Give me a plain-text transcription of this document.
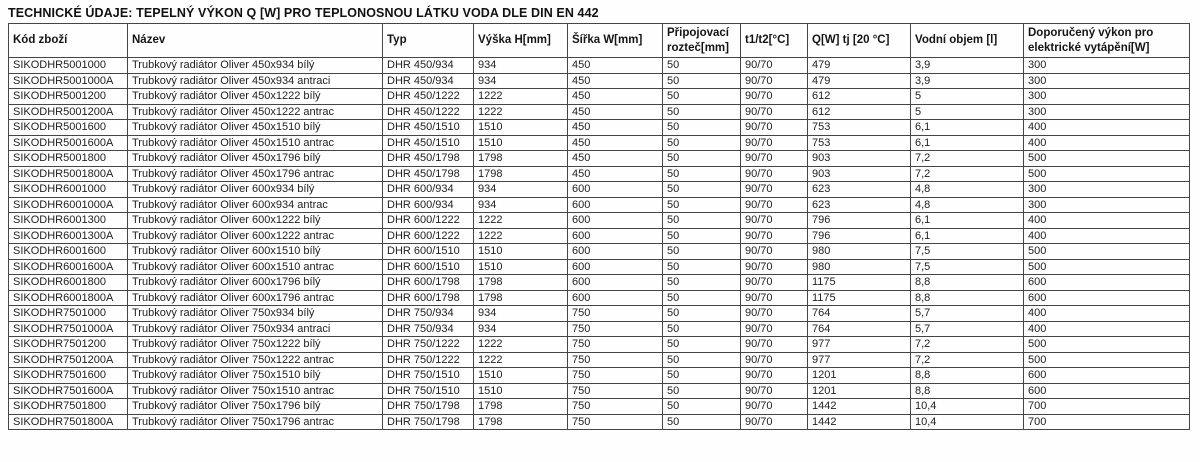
TECHNICKÉ ÚDAJE: TEPELNÝ VÝKON Q [W] PRO TEPLONOSNOU LÁTKU VODA DLE DIN EN 442
Kód zboží	Název	Typ	Výška H[mm]	Šířka W[mm]	Připojovací rozteč[mm]	t1/t2[°C]	Q[W] tj [20 °C]	Vodní objem [l]	Doporučený výkon pro elektrické vytápění[W]
SIKODHR5001000	Trubkový radiátor Oliver 450x934 bílý	DHR 450/934	934	450	50	90/70	479	3,9	300
SIKODHR5001000A	Trubkový radiátor Oliver 450x934 antraci	DHR 450/934	934	450	50	90/70	479	3,9	300
SIKODHR5001200	Trubkový radiátor Oliver 450x1222 bílý	DHR 450/1222	1222	450	50	90/70	612	5	300
SIKODHR5001200A	Trubkový radiátor Oliver 450x1222 antrac	DHR 450/1222	1222	450	50	90/70	612	5	300
SIKODHR5001600	Trubkový radiátor Oliver 450x1510 bílý	DHR 450/1510	1510	450	50	90/70	753	6,1	400
SIKODHR5001600A	Trubkový radiátor Oliver 450x1510 antrac	DHR 450/1510	1510	450	50	90/70	753	6,1	400
SIKODHR5001800	Trubkový radiátor Oliver 450x1796 bílý	DHR 450/1798	1798	450	50	90/70	903	7,2	500
SIKODHR5001800A	Trubkový radiátor Oliver 450x1796 antrac	DHR 450/1798	1798	450	50	90/70	903	7,2	500
SIKODHR6001000	Trubkový radiátor Oliver 600x934 bílý	DHR 600/934	934	600	50	90/70	623	4,8	300
SIKODHR6001000A	Trubkový radiátor Oliver 600x934 antrac	DHR 600/934	934	600	50	90/70	623	4,8	300
SIKODHR6001300	Trubkový radiátor Oliver 600x1222 bílý	DHR 600/1222	1222	600	50	90/70	796	6,1	400
SIKODHR6001300A	Trubkový radiátor Oliver 600x1222 antrac	DHR 600/1222	1222	600	50	90/70	796	6,1	400
SIKODHR6001600	Trubkový radiátor Oliver 600x1510 bílý	DHR 600/1510	1510	600	50	90/70	980	7,5	500
SIKODHR6001600A	Trubkový radiátor Oliver 600x1510 antrac	DHR 600/1510	1510	600	50	90/70	980	7,5	500
SIKODHR6001800	Trubkový radiátor Oliver 600x1796 bílý	DHR 600/1798	1798	600	50	90/70	1175	8,8	600
SIKODHR6001800A	Trubkový radiátor Oliver 600x1796 antrac	DHR 600/1798	1798	600	50	90/70	1175	8,8	600
SIKODHR7501000	Trubkový radiátor Oliver 750x934 bílý	DHR 750/934	934	750	50	90/70	764	5,7	400
SIKODHR7501000A	Trubkový radiátor Oliver 750x934 antraci	DHR 750/934	934	750	50	90/70	764	5,7	400
SIKODHR7501200	Trubkový radiátor Oliver 750x1222 bílý	DHR 750/1222	1222	750	50	90/70	977	7,2	500
SIKODHR7501200A	Trubkový radiátor Oliver 750x1222 antrac	DHR 750/1222	1222	750	50	90/70	977	7,2	500
SIKODHR7501600	Trubkový radiátor Oliver 750x1510 bílý	DHR 750/1510	1510	750	50	90/70	1201	8,8	600
SIKODHR7501600A	Trubkový radiátor Oliver 750x1510 antrac	DHR 750/1510	1510	750	50	90/70	1201	8,8	600
SIKODHR7501800	Trubkový radiátor Oliver 750x1796 bílý	DHR 750/1798	1798	750	50	90/70	1442	10,4	700
SIKODHR7501800A	Trubkový radiátor Oliver 750x1796 antrac	DHR 750/1798	1798	750	50	90/70	1442	10,4	700
